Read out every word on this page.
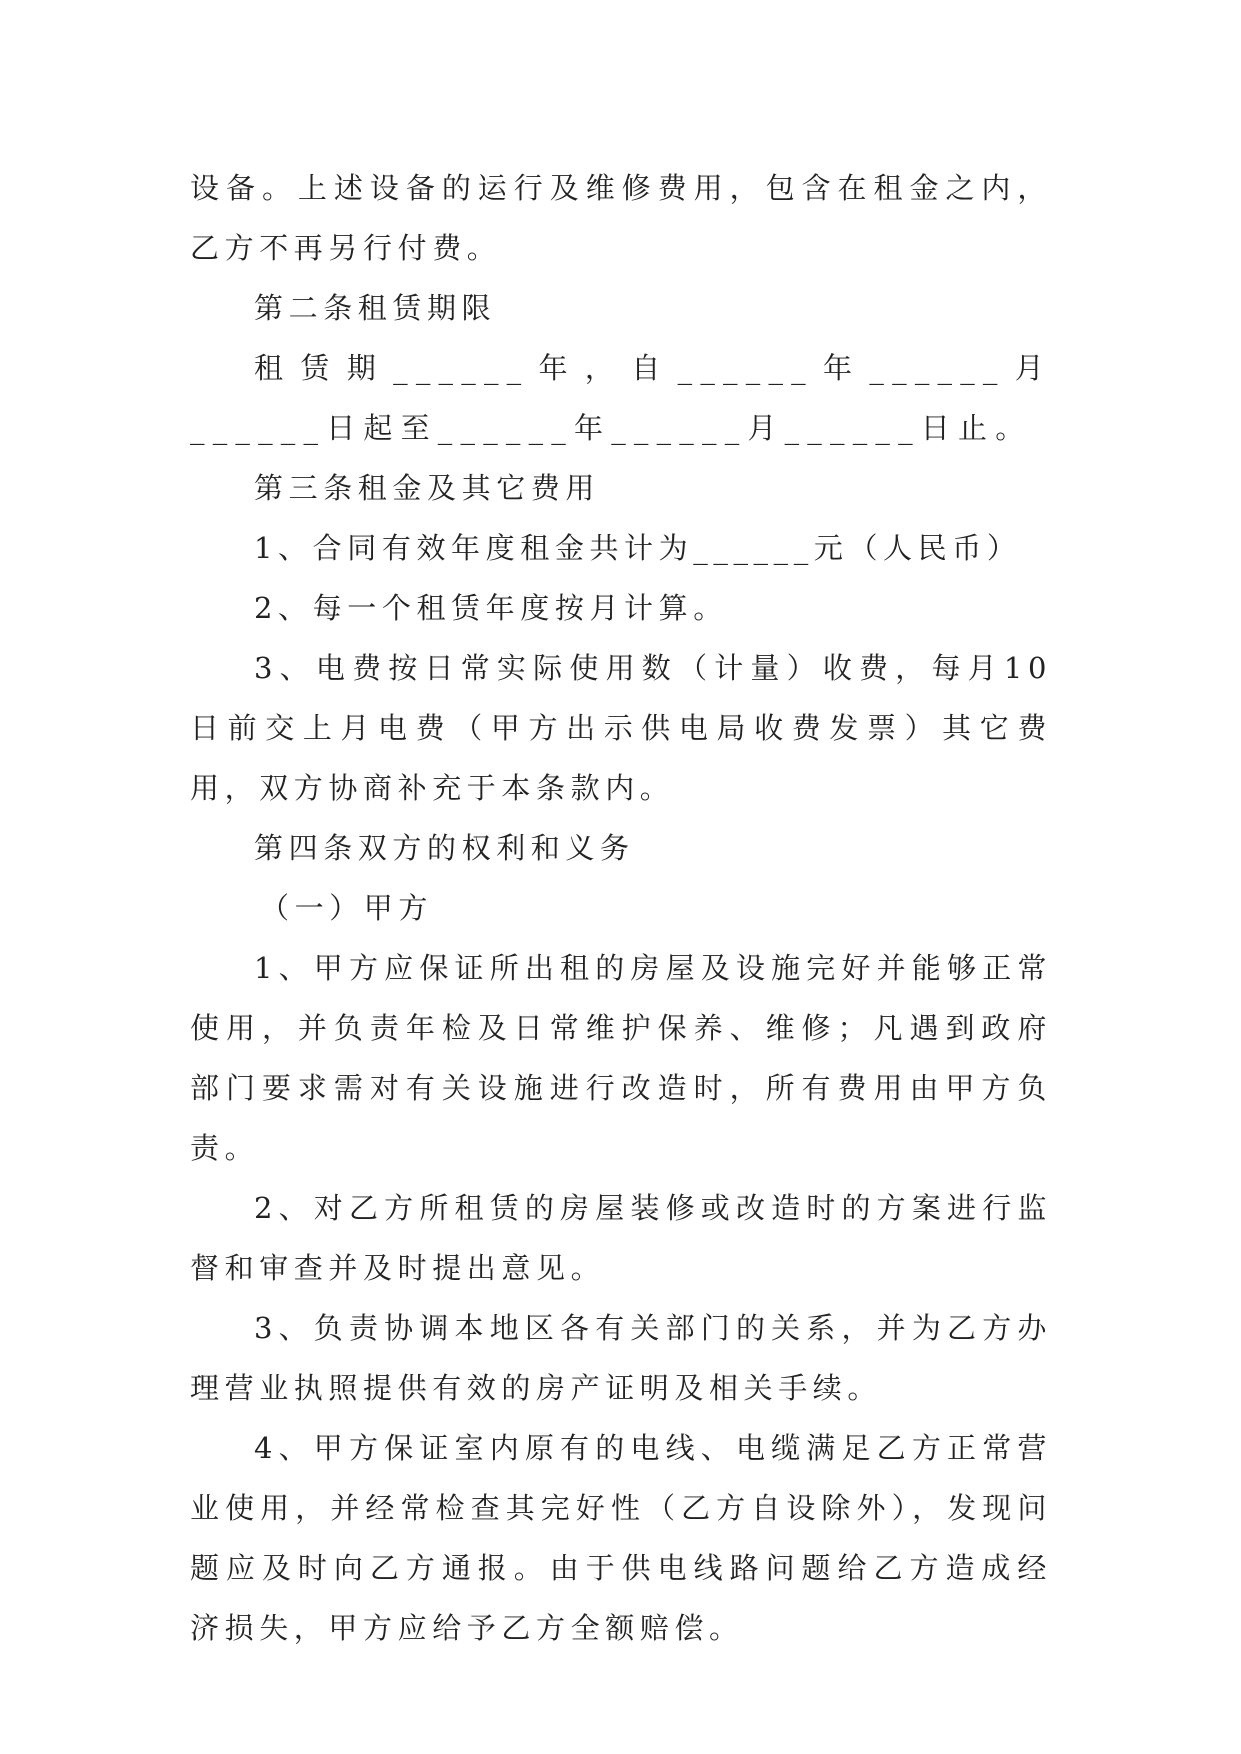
设备。上述设备的运行及维修费用，包含在租金之内，乙方不再另行付费。

第二条租赁期限

租赁期______年，自______年______月______日起至______年______月______日止。

第三条租金及其它费用

1、合同有效年度租金共计为______元（人民币）

2、每一个租赁年度按月计算。

3、电费按日常实际使用数（计量）收费，每月10日前交上月电费（甲方出示供电局收费发票）其它费用，双方协商补充于本条款内。

第四条双方的权利和义务

（一）甲方

1、甲方应保证所出租的房屋及设施完好并能够正常使用，并负责年检及日常维护保养、维修；凡遇到政府部门要求需对有关设施进行改造时，所有费用由甲方负责。

2、对乙方所租赁的房屋装修或改造时的方案进行监督和审查并及时提出意见。

3、负责协调本地区各有关部门的关系，并为乙方办理营业执照提供有效的房产证明及相关手续。

4、甲方保证室内原有的电线、电缆满足乙方正常营业使用，并经常检查其完好性（乙方自设除外），发现问题应及时向乙方通报。由于供电线路问题给乙方造成经济损失，甲方应给予乙方全额赔偿。
